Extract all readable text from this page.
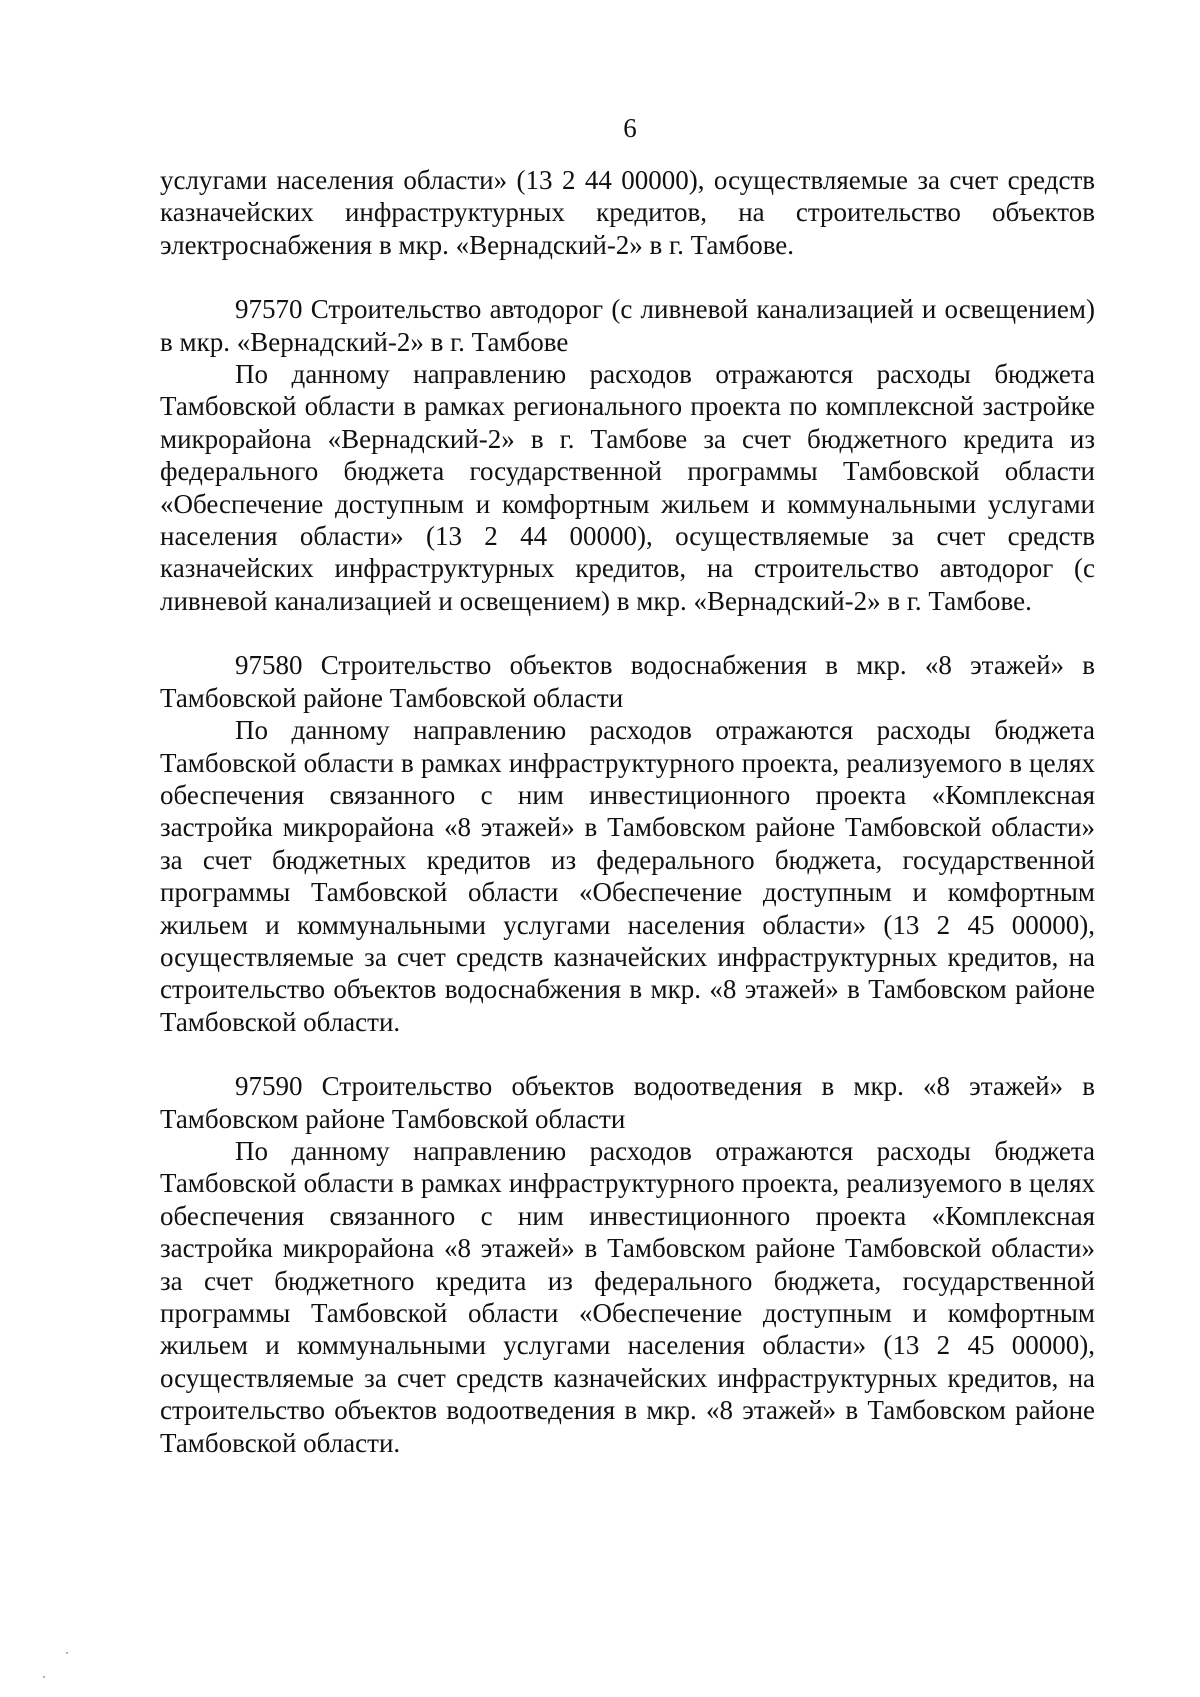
6

услугами населения области» (13 2 44 00000), осуществляемые за счет средств казначейских инфраструктурных кредитов, на строительство объектов электроснабжения в мкр. «Вернадский-2» в г. Тамбове.

97570 Строительство автодорог (с ливневой канализацией и освещением) в мкр. «Вернадский-2» в г. Тамбове

По данному направлению расходов отражаются расходы бюджета Тамбовской области в рамках регионального проекта по комплексной застройке микрорайона «Вернадский-2» в г. Тамбове за счет бюджетного кредита из федерального бюджета государственной программы Тамбовской области «Обеспечение доступным и комфортным жильем и коммунальными услугами населения области» (13 2 44 00000), осуществляемые за счет средств казначейских инфраструктурных кредитов, на строительство автодорог (с ливневой канализацией и освещением) в мкр. «Вернадский-2» в г. Тамбове.

97580 Строительство объектов водоснабжения в мкр. «8 этажей» в Тамбовской районе Тамбовской области

По данному направлению расходов отражаются расходы бюджета Тамбовской области в рамках инфраструктурного проекта, реализуемого в целях обеспечения связанного с ним инвестиционного проекта «Комплексная застройка микрорайона «8 этажей» в Тамбовском районе Тамбовской области» за счет бюджетных кредитов из федерального бюджета, государственной программы Тамбовской области «Обеспечение доступным и комфортным жильем и коммунальными услугами населения области» (13 2 45 00000), осуществляемые за счет средств казначейских инфраструктурных кредитов, на строительство объектов водоснабжения в мкр. «8 этажей» в Тамбовском районе Тамбовской области.

97590 Строительство объектов водоотведения в мкр. «8 этажей» в Тамбовском районе Тамбовской области

По данному направлению расходов отражаются расходы бюджета Тамбовской области в рамках инфраструктурного проекта, реализуемого в целях обеспечения связанного с ним инвестиционного проекта «Комплексная застройка микрорайона «8 этажей» в Тамбовском районе Тамбовской области» за счет бюджетного кредита из федерального бюджета, государственной программы Тамбовской области «Обеспечение доступным и комфортным жильем и коммунальными услугами населения области» (13 2 45 00000), осуществляемые за счет средств казначейских инфраструктурных кредитов, на строительство объектов водоотведения в мкр. «8 этажей» в Тамбовском районе Тамбовской области.
